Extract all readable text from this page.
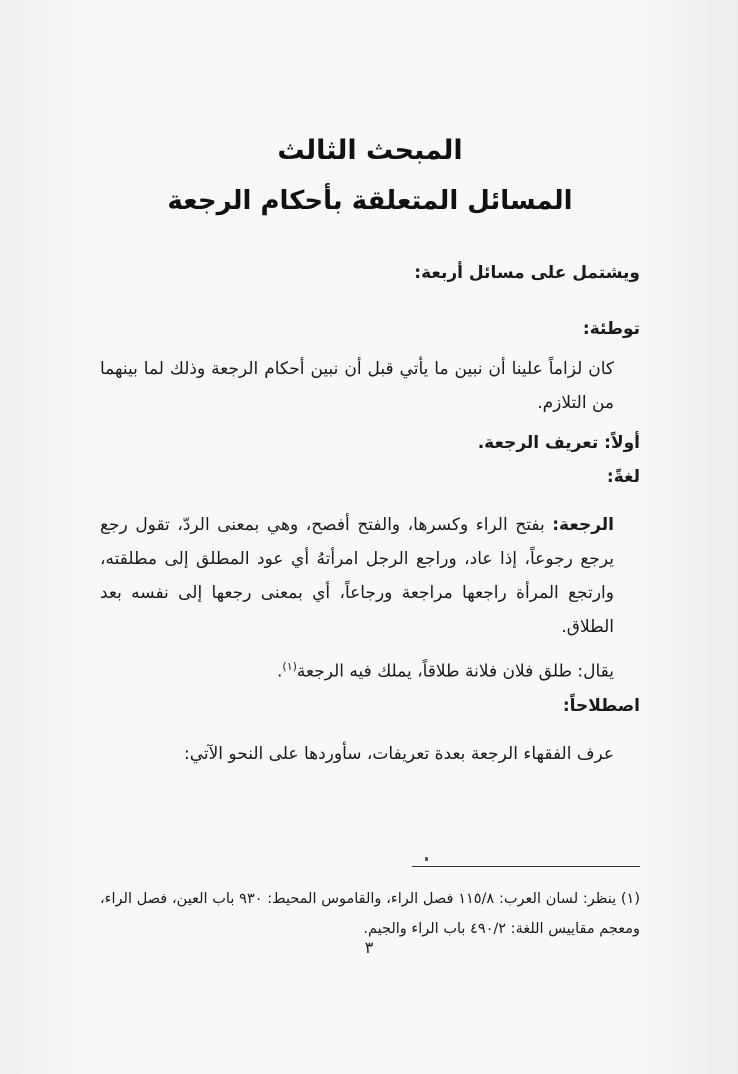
المبحث الثالث
المسائل المتعلقة بأحكام الرجعة

ويشتمل على مسائل أربعة:

توطئة:

كان لزاماً علينا أن نبين ما يأتي قبل أن نبين أحكام الرجعة وذلك لما بينهما من التلازم.

أولاً: تعريف الرجعة.

لغةً:

الرجعة: بفتح الراء وكسرها، والفتح أفصح، وهي بمعنى الردّ، تقول رجع يرجع رجوعاً، إذا عاد، وراجع الرجل امرأتهُ أي عود المطلق إلى مطلقته، وارتجع المرأة راجعها مراجعة ورجاعاً، أي بمعنى رجعها إلى نفسه بعد الطلاق.

يقال: طلق فلان فلانة طلاقاً، يملك فيه الرجعة$^{(١)}$.

اصطلاحاً:

عرف الفقهاء الرجعة بعدة تعريفات، سأوردها على النحو الآتي:

(١) ينظر: لسان العرب: ١١٥/٨ فصل الراء، والقاموس المحيط: ٩٣٠ باب العين، فصل الراء، ومعجم مقاييس اللغة: ٤٩٠/٢ باب الراء والجيم.
٣
